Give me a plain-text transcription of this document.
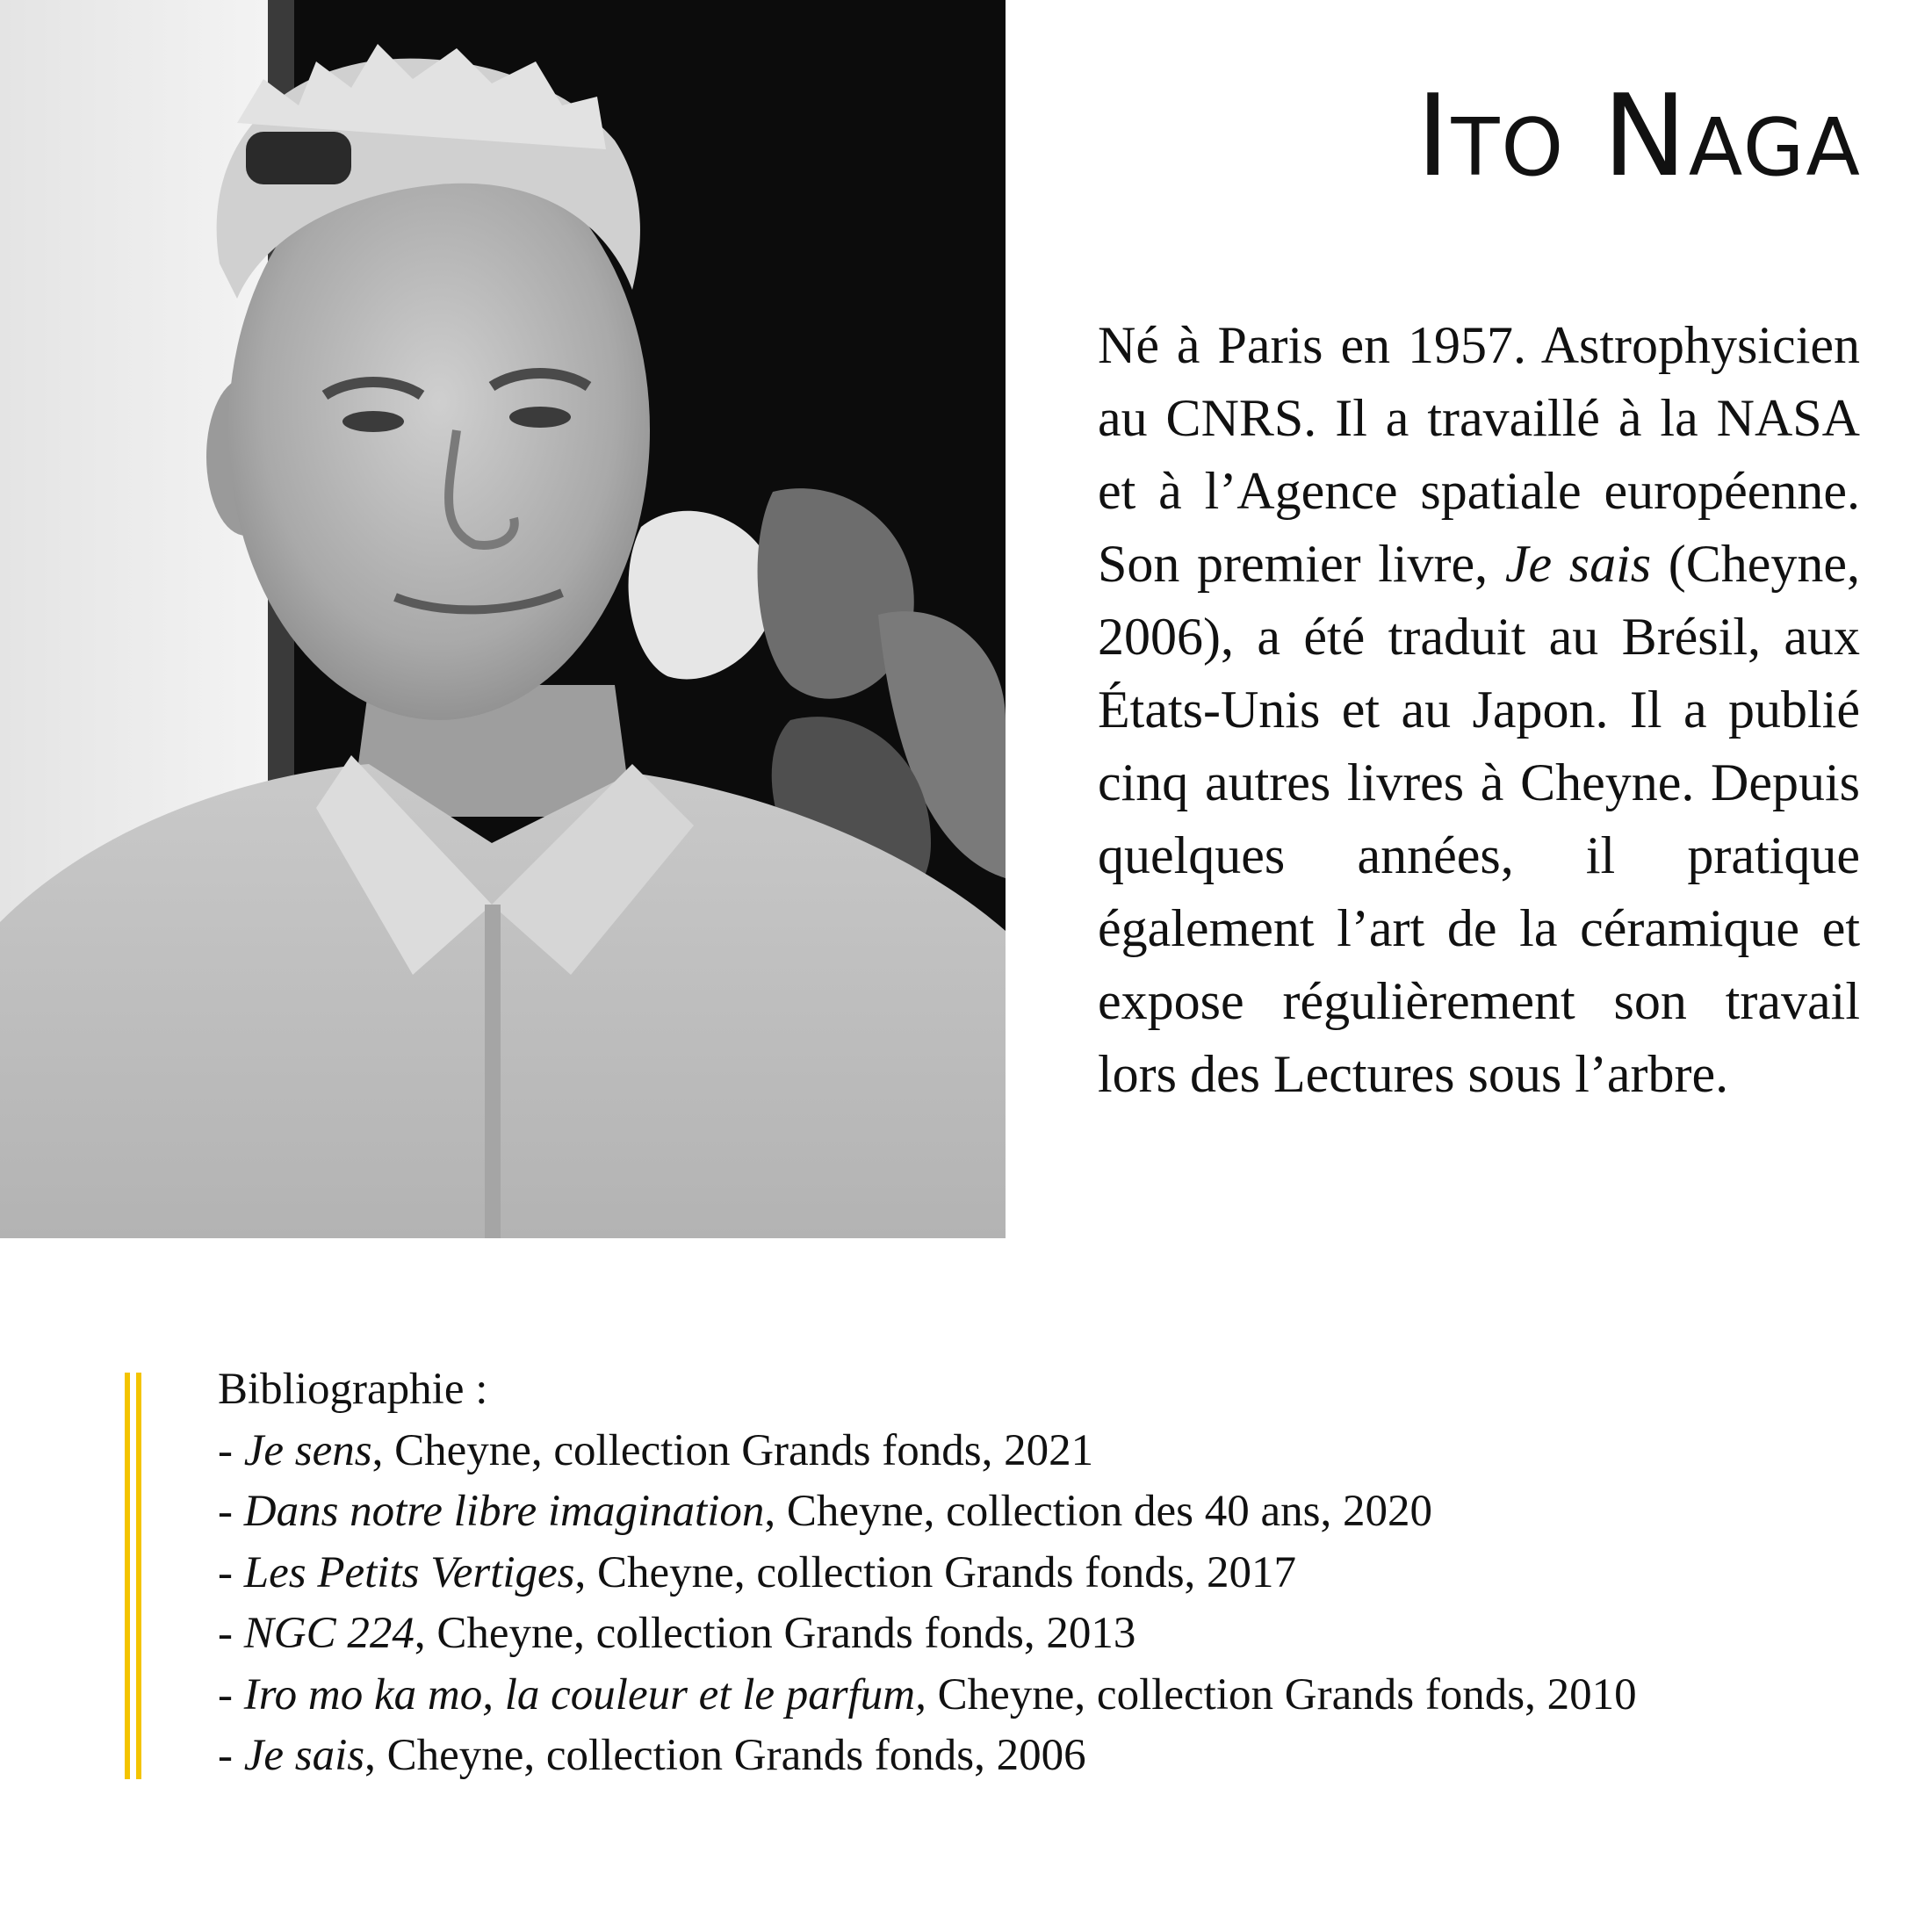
Ito Naga

Né à Paris en 1957. Astrophysicien au CNRS. Il a travaillé à la NASA et à l’Agence spatiale européenne. Son premier livre, Je sais (Cheyne, 2006), a été traduit au Brésil, aux États-Unis et au Japon. Il a publié cinq autres livres à Cheyne. Depuis quelques années, il pratique également l’art de la céramique et expose régulièrement son travail lors des Lectures sous l’arbre.

Bibliographie :
- Je sens, Cheyne, collection Grands fonds, 2021
- Dans notre libre imagination, Cheyne, collection des 40 ans, 2020
- Les Petits Vertiges, Cheyne, collection Grands fonds, 2017
- NGC 224, Cheyne, collection Grands fonds, 2013
- Iro mo ka mo, la couleur et le parfum, Cheyne, collection Grands fonds, 2010
- Je sais, Cheyne, collection Grands fonds, 2006
